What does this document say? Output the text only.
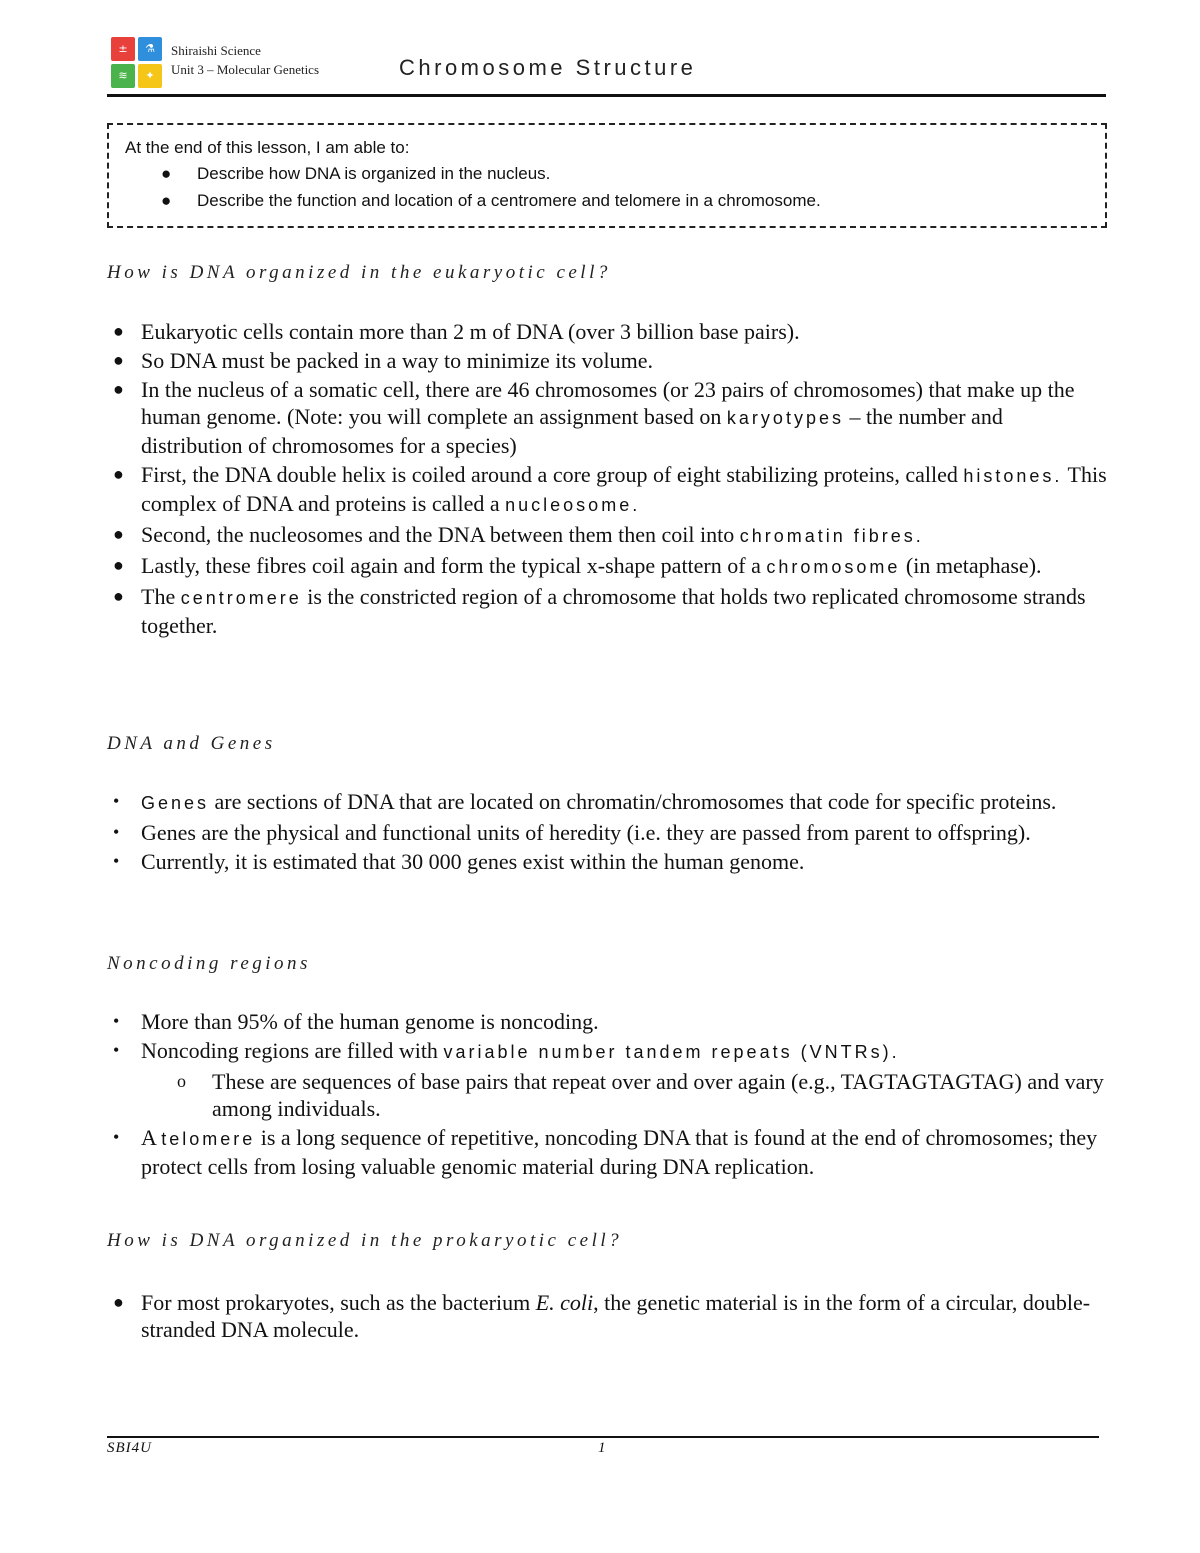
±	⚗
≋	✦
Shiraishi Science
Unit 3 – Molecular Genetics	Chromosome Structure
At the end of this lesson, I am able to:
● Describe how DNA is organized in the nucleus.
● Describe the function and location of a centromere and telomere in a chromosome.
How is DNA organized in the eukaryotic cell?
● Eukaryotic cells contain more than 2 m of DNA (over 3 billion base pairs).
● So DNA must be packed in a way to minimize its volume.
● In the nucleus of a somatic cell, there are 46 chromosomes (or 23 pairs of chromosomes) that make up the human genome. (Note: you will complete an assignment based on karyotypes – the number and distribution of chromosomes for a species)
● First, the DNA double helix is coiled around a core group of eight stabilizing proteins, called histones. This complex of DNA and proteins is called a nucleosome.
● Second, the nucleosomes and the DNA between them then coil into chromatin fibres.
● Lastly, these fibres coil again and form the typical x-shape pattern of a chromosome (in metaphase).
● The centromere is the constricted region of a chromosome that holds two replicated chromosome strands together.
DNA and Genes
• Genes are sections of DNA that are located on chromatin/chromosomes that code for specific proteins.
• Genes are the physical and functional units of heredity (i.e. they are passed from parent to offspring).
• Currently, it is estimated that 30 000 genes exist within the human genome.
Noncoding regions
• More than 95% of the human genome is noncoding.
• Noncoding regions are filled with variable number tandem repeats (VNTRs).
o These are sequences of base pairs that repeat over and over again (e.g., TAGTAGTAGTAG) and vary among individuals.
• A telomere is a long sequence of repetitive, noncoding DNA that is found at the end of chromosomes; they protect cells from losing valuable genomic material during DNA replication.
How is DNA organized in the prokaryotic cell?
● For most prokaryotes, such as the bacterium E. coli, the genetic material is in the form of a circular, double-stranded DNA molecule.
SBI4U	1
